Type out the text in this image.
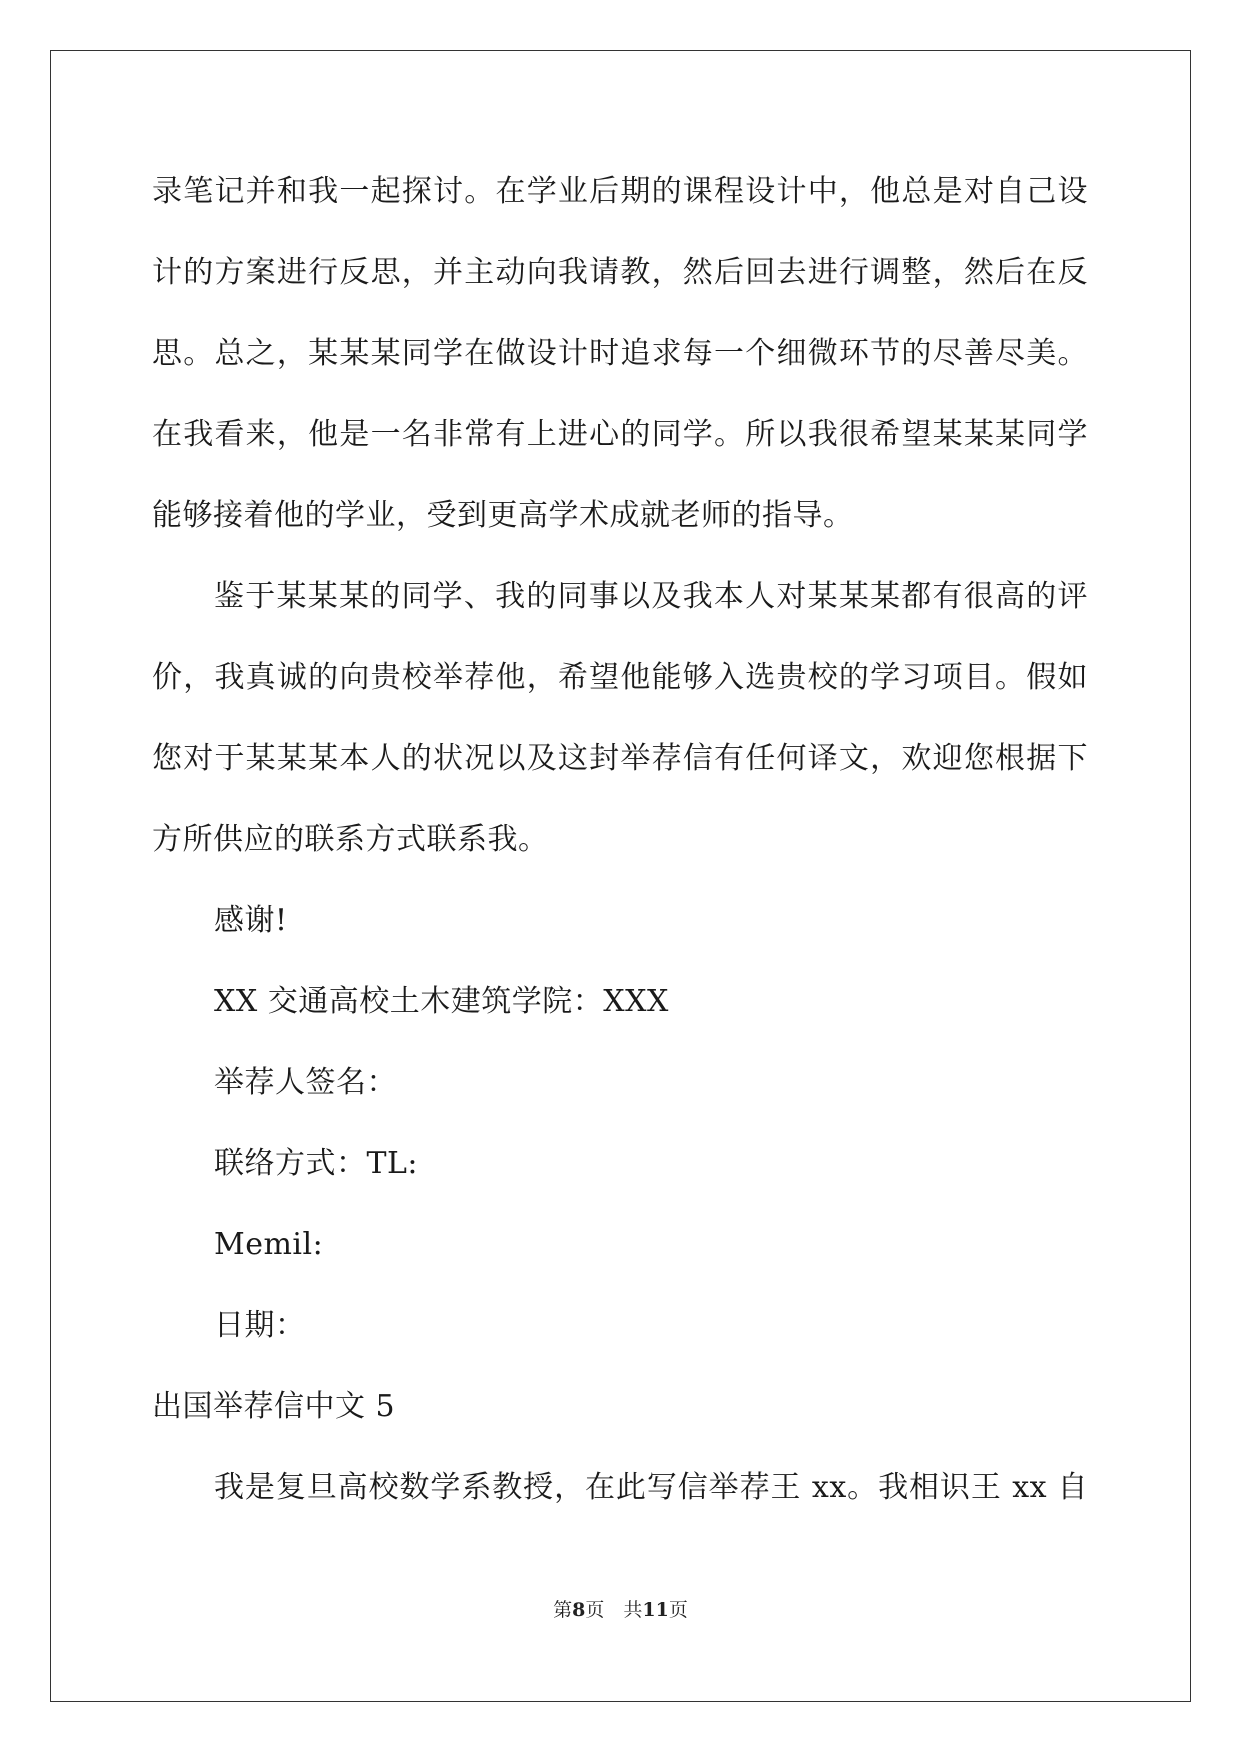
录笔记并和我一起探讨。在学业后期的课程设计中，他总是对自己设
计的方案进行反思，并主动向我请教，然后回去进行调整，然后在反
思。总之，某某某同学在做设计时追求每一个细微环节的尽善尽美。
在我看来，他是一名非常有上进心的同学。所以我很希望某某某同学
能够接着他的学业，受到更高学术成就老师的指导。
鉴于某某某的同学、我的同事以及我本人对某某某都有很高的评
价，我真诚的向贵校举荐他，希望他能够入选贵校的学习项目。假如
您对于某某某本人的状况以及这封举荐信有任何译文，欢迎您根据下
方所供应的联系方式联系我。
感谢!
XX 交通高校土木建筑学院：XXX
举荐人签名：
联络方式：TL:
Memil:
日期：
出国举荐信中文 5
我是复旦高校数学系教授，在此写信举荐王 xx。我相识王 xx 自
第8页　共11页
